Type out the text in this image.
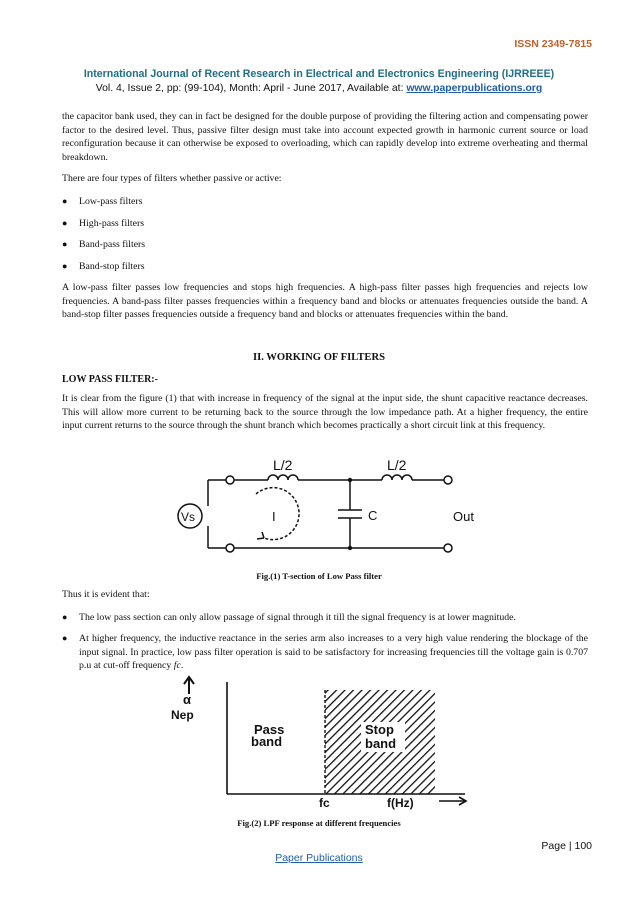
ISSN 2349-7815
International Journal of Recent Research in Electrical and Electronics Engineering (IJRREEE)
Vol. 4, Issue 2, pp: (99-104), Month: April - June 2017, Available at: www.paperpublications.org
the capacitor bank used, they can in fact be designed for the double purpose of providing the filtering action and compensating power factor to the desired level. Thus, passive filter design must take into account expected growth in harmonic current source or load reconfiguration because it can otherwise be exposed to overloading, which can rapidly develop into extreme overheating and thermal breakdown.
There are four types of filters whether passive or active:
●	Low-pass filters
●	High-pass filters
●	Band-pass filters
●	Band-stop filters
A low-pass filter passes low frequencies and stops high frequencies. A high-pass filter passes high frequencies and rejects low frequencies. A band-pass filter passes frequencies within a frequency band and blocks or attenuates frequencies outside the band. A band-stop filter passes frequencies outside a frequency band and blocks or attenuates frequencies within the band.
II. WORKING OF FILTERS
LOW PASS FILTER:-
It is clear from the figure (1) that with increase in frequency of the signal at the input side, the shunt capacitive reactance decreases. This will allow more current to be returning back to the source through the low impedance path. At a higher frequency, the entire input current returns to the source through the shunt branch which becomes practically a short circuit link at this frequency.
L/2	L/2
Vs	I	C	Out
Fig.(1) T-section of Low Pass filter
Thus it is evident that:
●	The low pass section can only allow passage of signal through it till the signal frequency is at lower magnitude.
●	At higher frequency, the inductive reactance in the series arm also increases to a very high value rendering the blockage of the input signal. In practice, low pass filter operation is said to be satisfactory for increasing frequencies till the voltage gain is 0.707 p.u at cut-off frequency fc.
α
Nep
Pass
band
Stop
band
fc	f(Hz)
Fig.(2) LPF response at different frequencies
Page | 100
Paper Publications
